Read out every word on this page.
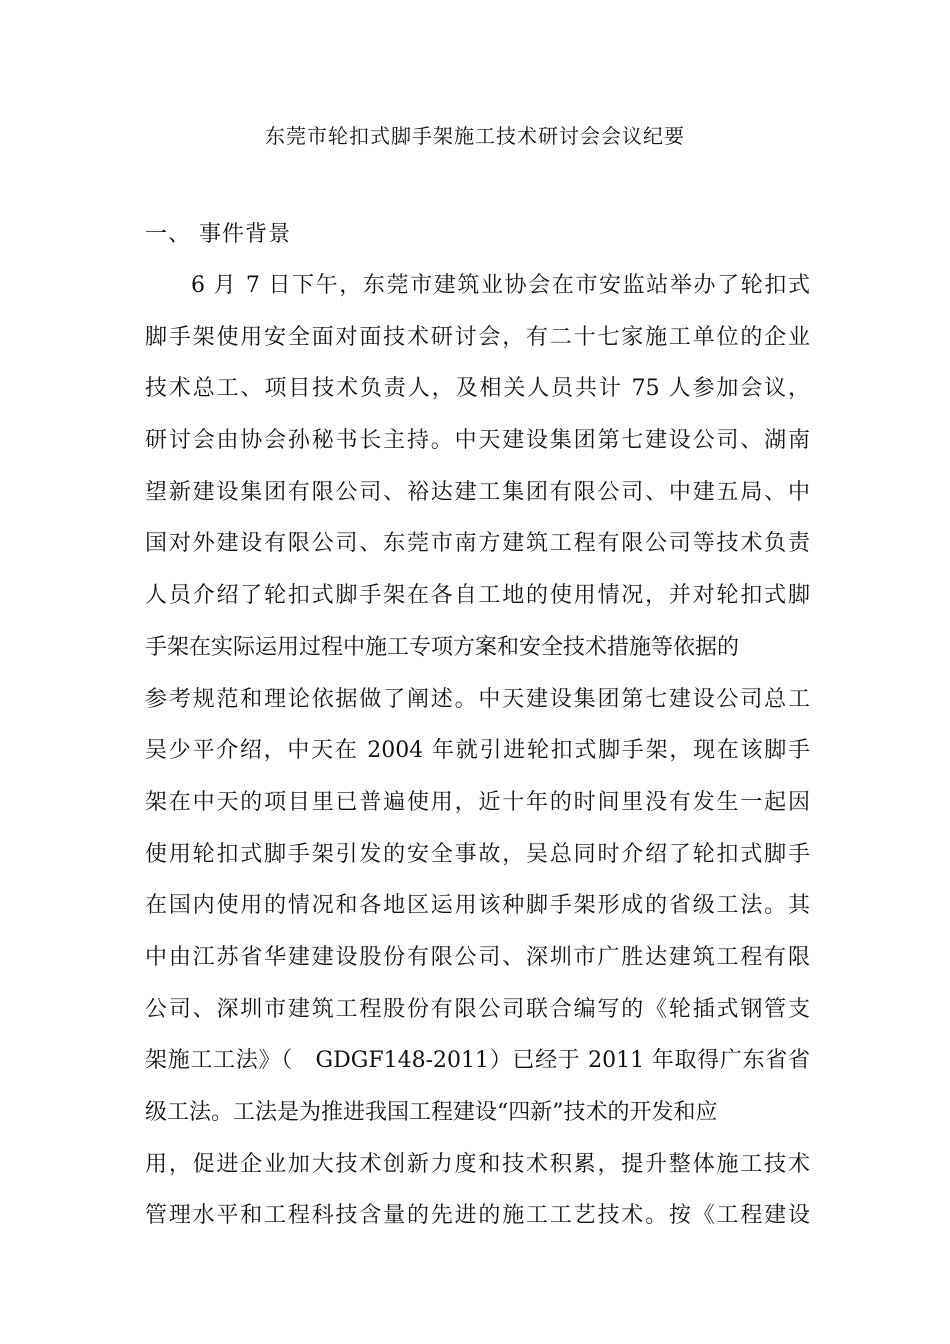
东莞市轮扣式脚手架施工技术研讨会会议纪要
一、 事件背景
6 月 7 日下午，东莞市建筑业协会在市安监站举办了轮扣式
脚手架使用安全面对面技术研讨会，有二十七家施工单位的企业
技术总工、项目技术负责人，及相关人员共计 75 人参加会议，
研讨会由协会孙秘书长主持。中天建设集团第七建设公司、湖南
望新建设集团有限公司、裕达建工集团有限公司、中建五局、中
国对外建设有限公司、东莞市南方建筑工程有限公司等技术负责
人员介绍了轮扣式脚手架在各自工地的使用情况，并对轮扣式脚
手架在实际运用过程中施工专项方案和安全技术措施等依据的
参考规范和理论依据做了阐述。中天建设集团第七建设公司总工
吴少平介绍，中天在 2004 年就引进轮扣式脚手架，现在该脚手
架在中天的项目里已普遍使用，近十年的时间里没有发生一起因
使用轮扣式脚手架引发的安全事故，吴总同时介绍了轮扣式脚手
在国内使用的情况和各地区运用该种脚手架形成的省级工法。其
中由江苏省华建建设股份有限公司、深圳市广胜达建筑工程有限
公司、深圳市建筑工程股份有限公司联合编写的《轮插式钢管支
架施工工法》（　GDGF148-2011）已经于 2011 年取得广东省省
级工法。工法是为推进我国工程建设“四新”技术的开发和应
用，促进企业加大技术创新力度和技术积累，提升整体施工技术
管理水平和工程科技含量的先进的施工工艺技术。按《工程建设
